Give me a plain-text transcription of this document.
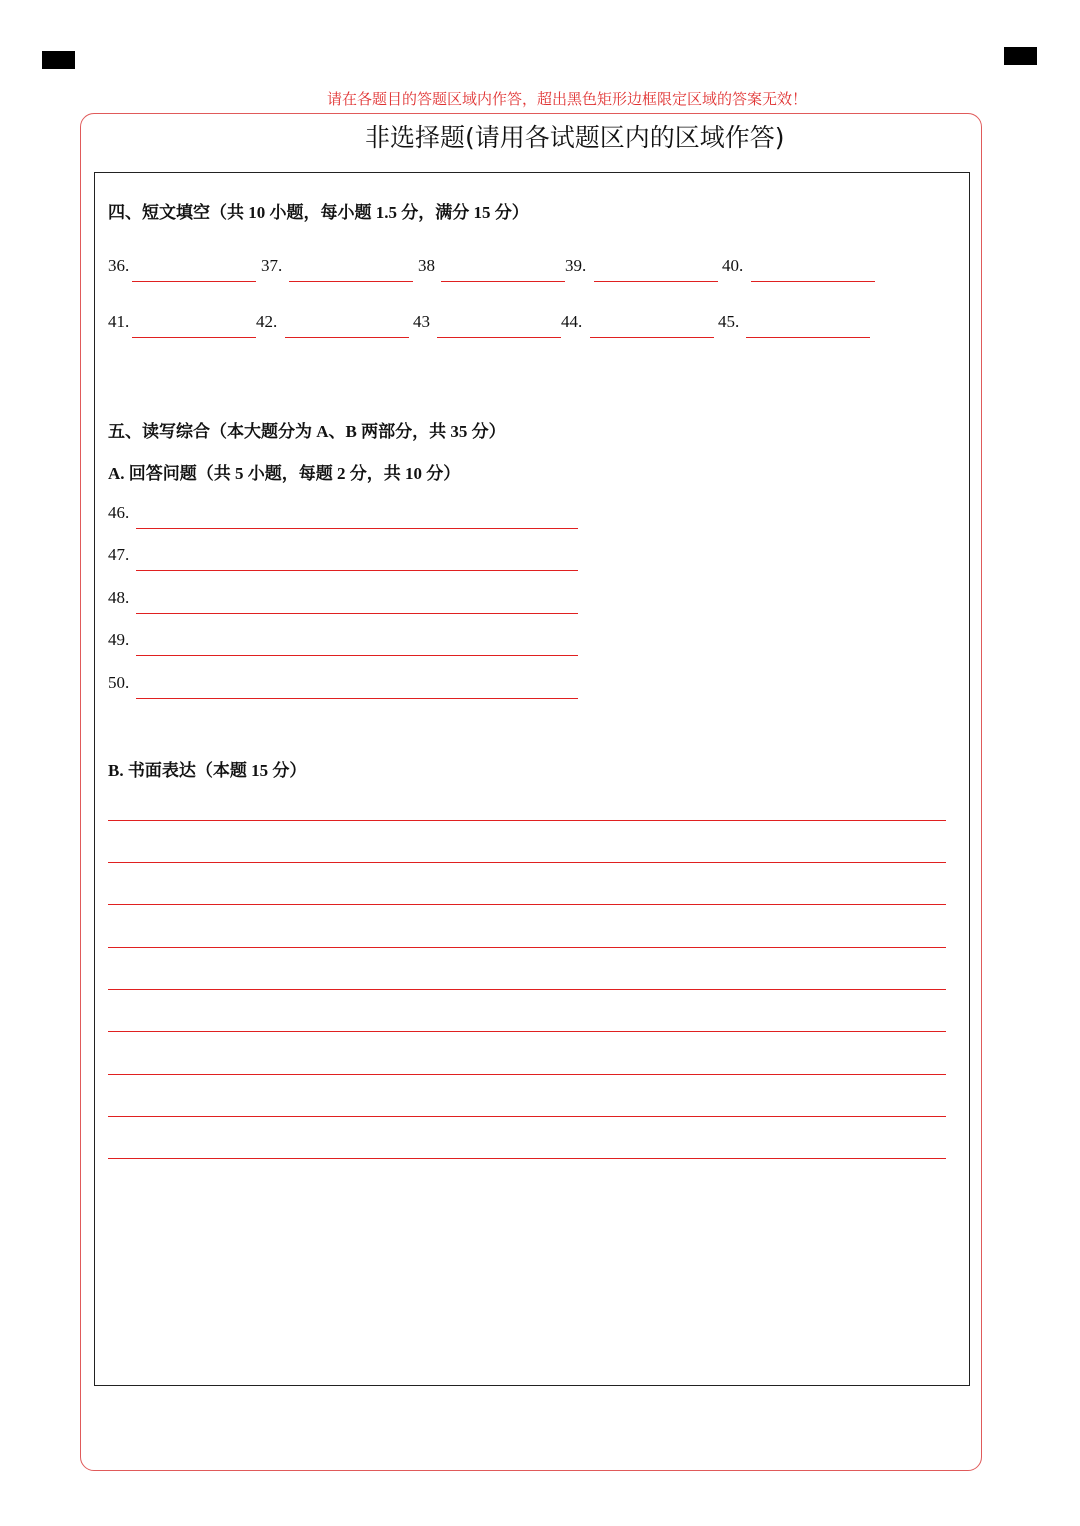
请在各题目的答题区域内作答，超出黑色矩形边框限定区域的答案无效！
非选择题(请用各试题区内的区域作答)
四、短文填空（共 10 小题，每小题 1.5 分，满分 15 分）
36.	37.	38	39.	40.
41.	42.	43	44.	45.
五、读写综合（本大题分为 A、B 两部分，共 35 分）
A. 回答问题（共 5 小题，每题 2 分，共 10 分）
46.
47.
48.
49.
50.
B. 书面表达（本题 15 分）
